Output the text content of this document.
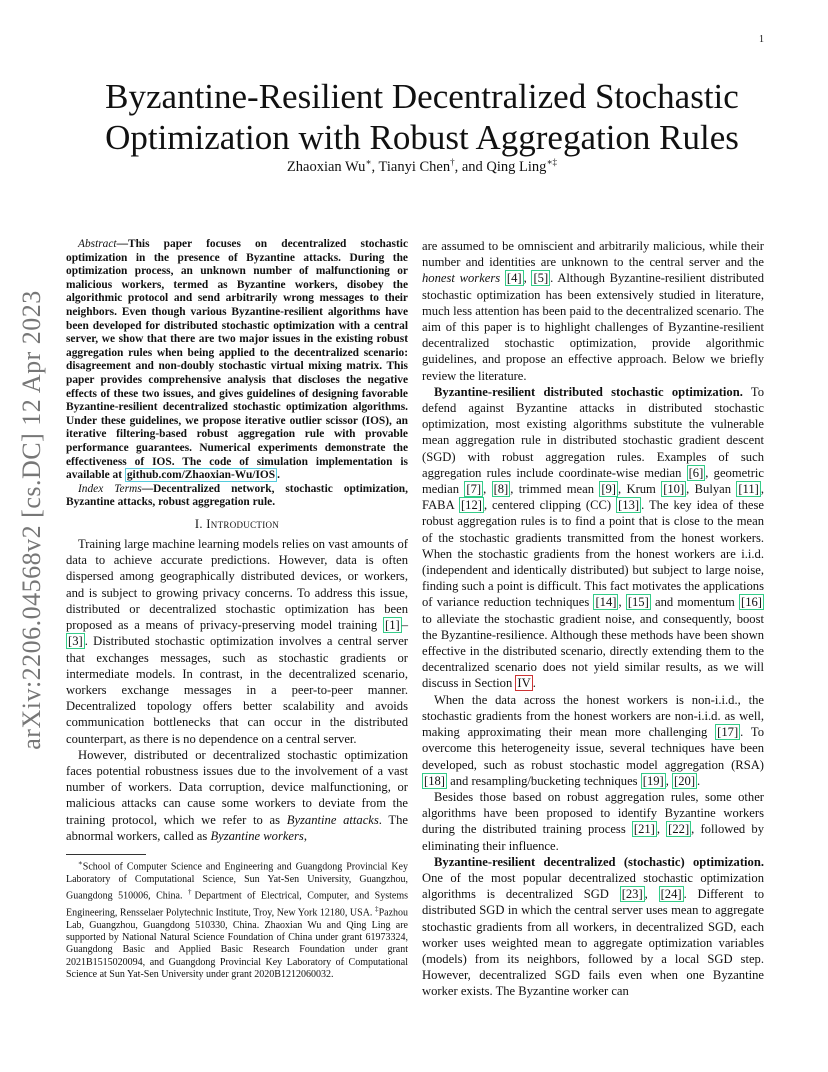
1
arXiv:2206.04568v2 [cs.DC] 12 Apr 2023
Byzantine-Resilient Decentralized Stochastic Optimization with Robust Aggregation Rules
Zhaoxian Wu∗, Tianyi Chen†, and Qing Ling∗‡

Abstract—This paper focuses on decentralized stochastic optimization in the presence of Byzantine attacks. During the optimization process, an unknown number of malfunctioning or malicious workers, termed as Byzantine workers, disobey the algorithmic protocol and send arbitrarily wrong messages to their neighbors. Even though various Byzantine-resilient algorithms have been developed for distributed stochastic optimization with a central server, we show that there are two major issues in the existing robust aggregation rules when being applied to the decentralized scenario: disagreement and non-doubly stochastic virtual mixing matrix. This paper provides comprehensive analysis that discloses the negative effects of these two issues, and gives guidelines of designing favorable Byzantine-resilient decentralized stochastic optimization algorithms. Under these guidelines, we propose iterative outlier scissor (IOS), an iterative filtering-based robust aggregation rule with provable performance guarantees. Numerical experiments demonstrate the effectiveness of IOS. The code of simulation implementation is available at github.com/Zhaoxian-Wu/IOS .

Index Terms—Decentralized network, stochastic optimization, Byzantine attacks, robust aggregation rule.

I. Introduction

Training large machine learning models relies on vast amounts of data to achieve accurate predictions. However, data is often dispersed among geographically distributed devices, or workers, and is subject to growing privacy concerns. To address this issue, distributed or decentralized stochastic optimization has been proposed as a means of privacy-preserving model training [1] –[3] . Distributed stochastic optimization involves a central server that exchanges messages, such as stochastic gradients or intermediate models. In contrast, in the decentralized scenario, workers exchange messages in a peer-to-peer manner. Decentralized topology offers better scalability and avoids communication bottlenecks that can occur in the distributed counterpart, as there is no dependence on a central server.

However, distributed or decentralized stochastic optimization faces potential robustness issues due to the involvement of a vast number of workers. Data corruption, device malfunctioning, or malicious attacks can cause some workers to deviate from the training protocol, which we refer to as Byzantine attacks. The abnormal workers, called as Byzantine workers,

∗School of Computer Science and Engineering and Guangdong Provincial Key Laboratory of Computational Science, Sun Yat-Sen University, Guangzhou, Guangdong 510006, China. †Department of Electrical, Computer, and Systems Engineering, Rensselaer Polytechnic Institute, Troy, New York 12180, USA. ‡Pazhou Lab, Guangzhou, Guangdong 510330, China. Zhaoxian Wu and Qing Ling are supported by National Natural Science Foundation of China under grant 61973324, Guangdong Basic and Applied Basic Research Foundation under grant 2021B1515020094, and Guangdong Provincial Key Laboratory of Computational Science at Sun Yat-Sen University under grant 2020B1212060032.

are assumed to be omniscient and arbitrarily malicious, while their number and identities are unknown to the central server and the honest workers [4] , [5] . Although Byzantine-resilient distributed stochastic optimization has been extensively studied in literature, much less attention has been paid to the decentralized scenario. The aim of this paper is to highlight challenges of Byzantine-resilient decentralized stochastic optimization, provide algorithmic guidelines, and propose an effective approach. Below we briefly review the literature.

Byzantine-resilient distributed stochastic optimization. To defend against Byzantine attacks in distributed stochastic optimization, most existing algorithms substitute the vulnerable mean aggregation rule in distributed stochastic gradient descent (SGD) with robust aggregation rules. Examples of such aggregation rules include coordinate-wise median [6] , geometric median [7] , [8] , trimmed mean [9] , Krum [10] , Bulyan [11] , FABA [12] , centered clipping (CC) [13] . The key idea of these robust aggregation rules is to find a point that is close to the mean of the stochastic gradients transmitted from the honest workers. When the stochastic gradients from the honest workers are i.i.d. (independent and identically distributed) but subject to large noise, finding such a point is difficult. This fact motivates the applications of variance reduction techniques [14] , [15] and momentum [16] to alleviate the stochastic gradient noise, and consequently, boost the Byzantine-resilience. Although these methods have been shown effective in the distributed scenario, directly extending them to the decentralized scenario does not yield similar results, as we will discuss in Section IV .

When the data across the honest workers is non-i.i.d., the stochastic gradients from the honest workers are non-i.i.d. as well, making approximating their mean more challenging [17] . To overcome this heterogeneity issue, several techniques have been developed, such as robust stochastic model aggregation (RSA) [18] and resampling/bucketing techniques [19] , [20] .

Besides those based on robust aggregation rules, some other algorithms have been proposed to identify Byzantine workers during the distributed training process [21] , [22] , followed by eliminating their influence.

Byzantine-resilient decentralized (stochastic) optimization. One of the most popular decentralized stochastic optimization algorithms is decentralized SGD [23] , [24] . Different to distributed SGD in which the central server uses mean to aggregate stochastic gradients from all workers, in decentralized SGD, each worker uses weighted mean to aggregate optimization variables (models) from its neighbors, followed by a local SGD step. However, decentralized SGD fails even when one Byzantine worker exists. The Byzantine worker can
